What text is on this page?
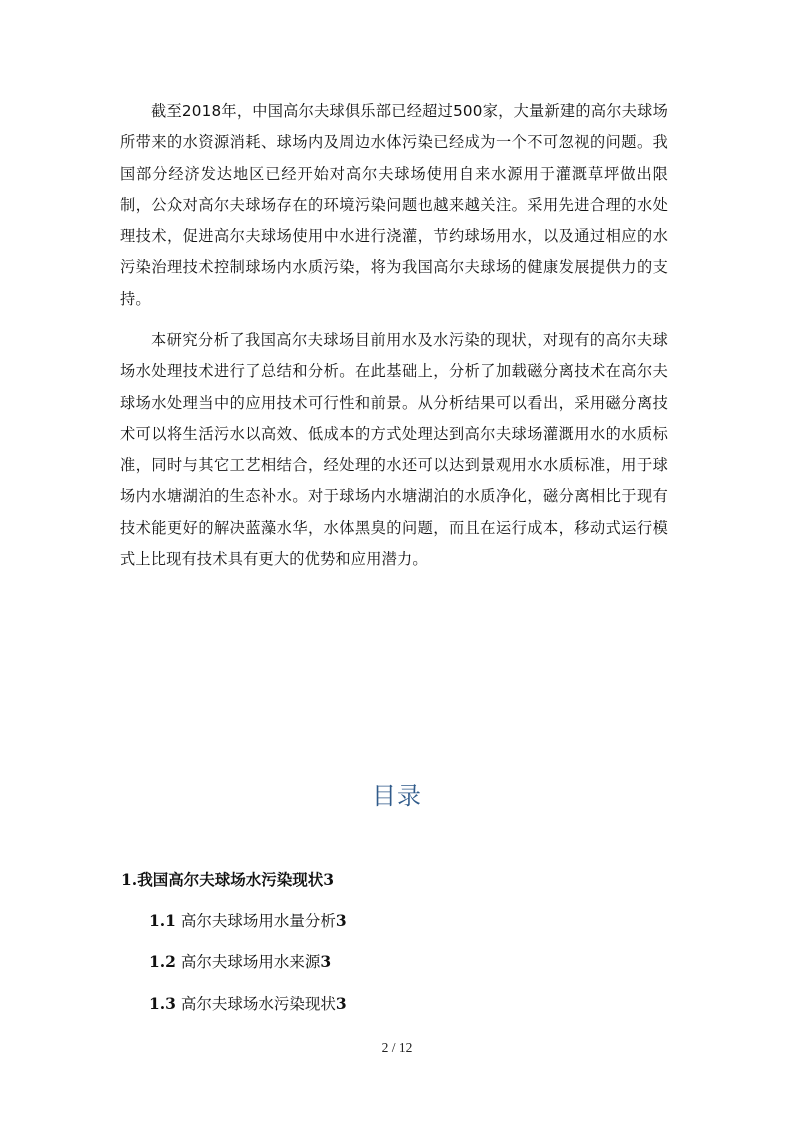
截至2018年，中国高尔夫球俱乐部已经超过500家，大量新建的高尔夫球场所带来的水资源消耗、球场内及周边水体污染已经成为一个不可忽视的问题。我国部分经济发达地区已经开始对高尔夫球场使用自来水源用于灌溉草坪做出限制，公众对高尔夫球场存在的环境污染问题也越来越关注。采用先进合理的水处理技术，促进高尔夫球场使用中水进行浇灌，节约球场用水，以及通过相应的水污染治理技术控制球场内水质污染，将为我国高尔夫球场的健康发展提供力的支持。

本研究分析了我国高尔夫球场目前用水及水污染的现状，对现有的高尔夫球场水处理技术进行了总结和分析。在此基础上，分析了加载磁分离技术在高尔夫球场水处理当中的应用技术可行性和前景。从分析结果可以看出，采用磁分离技术可以将生活污水以高效、低成本的方式处理达到高尔夫球场灌溉用水的水质标准，同时与其它工艺相结合，经处理的水还可以达到景观用水水质标准，用于球场内水塘湖泊的生态补水。对于球场内水塘湖泊的水质净化，磁分离相比于现有技术能更好的解决蓝藻水华，水体黑臭的问题，而且在运行成本，移动式运行模式上比现有技术具有更大的优势和应用潜力。

目录

1.我国高尔夫球场水污染现状3

1.1 高尔夫球场用水量分析3

1.2 高尔夫球场用水来源3

1.3 高尔夫球场水污染现状3

2 / 12
